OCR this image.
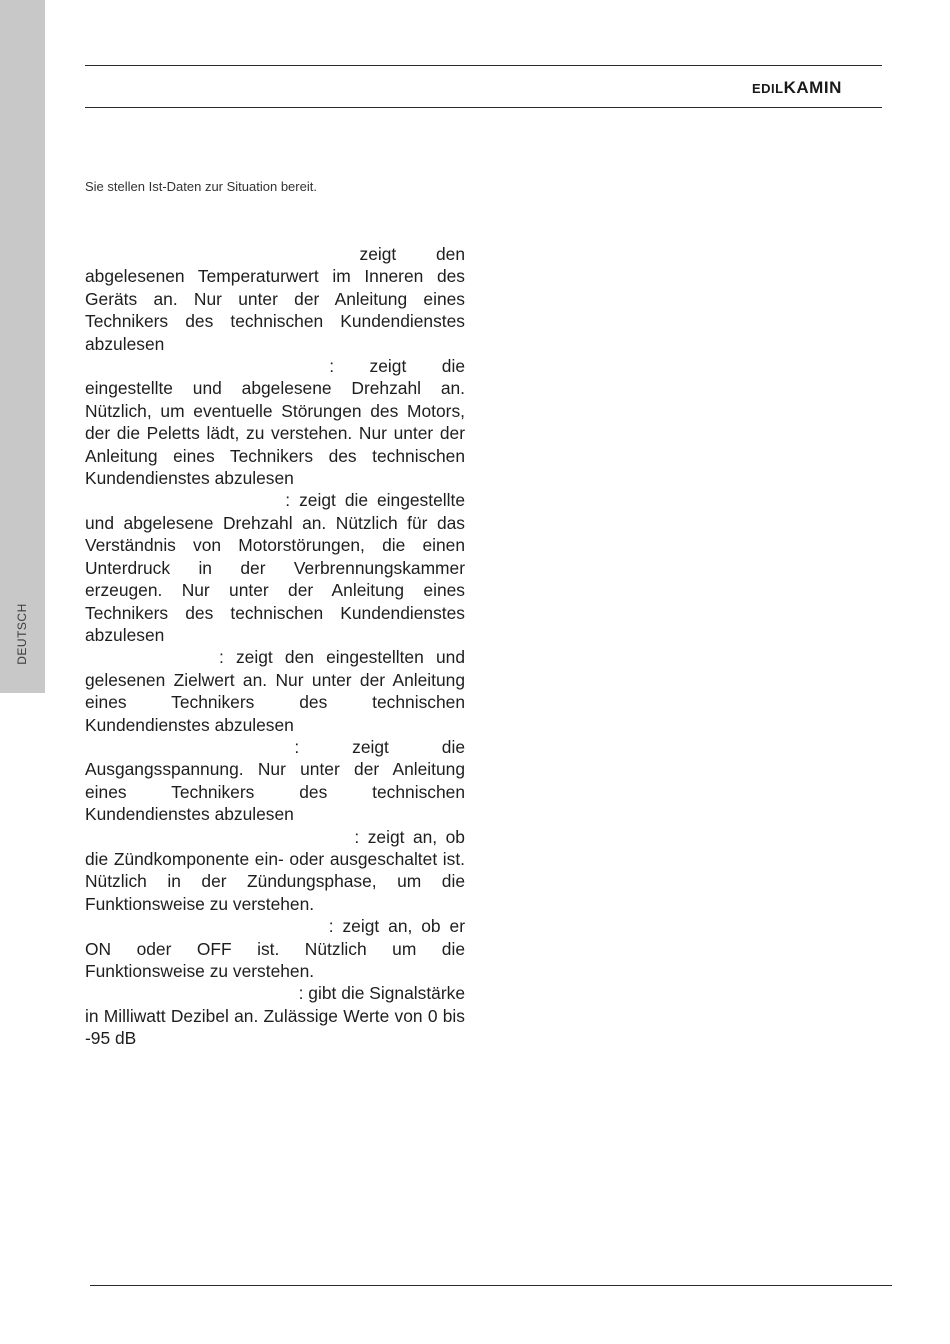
DEUTSCH
EDILKAMIN
Sie stellen Ist-Daten zur Situation bereit.

xxxxxxxxxxxxxxxxxxxxxxxxxxx zeigt den abgelesenen Temperaturwert im Inneren des Geräts an. Nur unter der Anleitung eines Technikers des technischen Kundendienstes abzulesen

xxxxxxxxxxxxxxxxxxxxxxxx : zeigt die eingestellte und abgelesene Drehzahl an. Nützlich, um eventuelle Störungen des Motors, der die Peletts lädt, zu verstehen. Nur unter der Anleitung eines Technikers des technischen Kundendienstes abzulesen

xxxxxxxxxxxxxxxxxxxxxx : zeigt die eingestellte und abgelesene Drehzahl an. Nützlich für das Verständnis von Motorstörungen, die einen Unterdruck in der Verbrennungskammer erzeugen. Nur unter der Anleitung eines Technikers des technischen Kundendienstes abzulesen

xxxxxxxxxxxxxx : zeigt den eingestellten und gelesenen Zielwert an. Nur unter der Anleitung eines Technikers des technischen Kundendienstes abzulesen

xxxxxxxxxxxxxxxxxx : zeigt die Ausgangsspannung. Nur unter der Anleitung eines Technikers des technischen Kundendienstes abzulesen

xxxxxxxxxxxxxxxxxxxxxxxxxxxxxx : zeigt an, ob die Zündkomponente ein- oder ausgeschaltet ist. Nützlich in der Zündungsphase, um die Funktionsweise zu verstehen.

xxxxxxxxxxxxxxxxxxxxxxxxxxx : zeigt an, ob er ON oder OFF ist. Nützlich um die Funktionsweise zu verstehen.

xxxxxxxxxxxxxxxxxxxxxxxx : gibt die Signalstärke in Milliwatt Dezibel an. Zulässige Werte von 0 bis -95 dB
